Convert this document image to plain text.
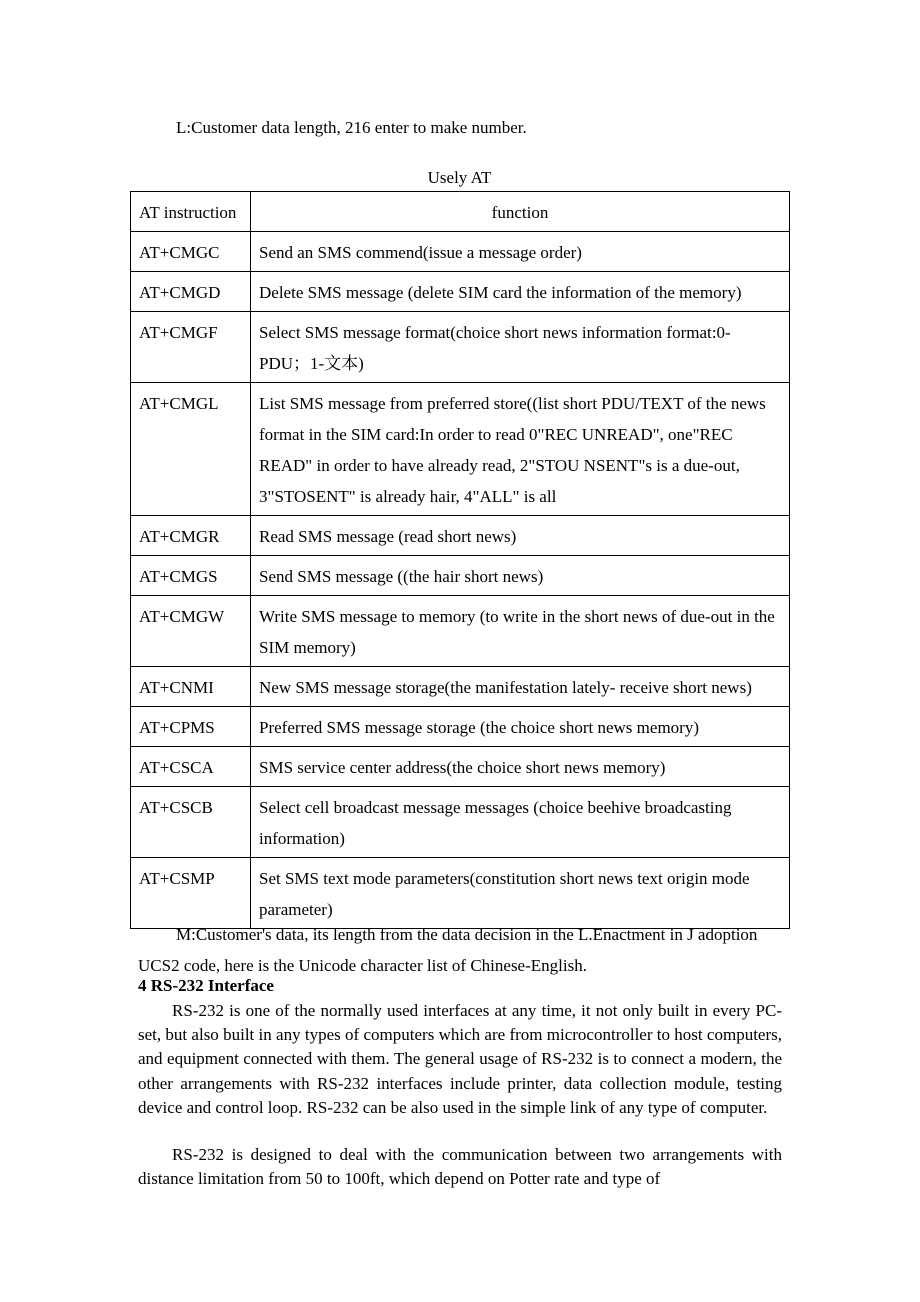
L:Customer data length, 216 enter to make number.
Usely AT
AT instruction	function
AT+CMGC	Send an SMS commend(issue a message order)
AT+CMGD	Delete SMS message (delete SIM card the information of the memory)
AT+CMGF	Select SMS message format(choice short news information format:0-PDU；1-文本)
AT+CMGL	List SMS message from preferred store((list short PDU/TEXT of the news format in the SIM card:In order to read 0"REC UNREAD", one"REC READ" in order to have already read, 2"STOU NSENT"s is a due-out, 3"STOSENT" is already hair, 4"ALL" is all
AT+CMGR	Read SMS message (read short news)
AT+CMGS	Send SMS message ((the hair short news)
AT+CMGW	Write SMS message to memory (to write in the short news of due-out in the SIM memory)
AT+CNMI	New SMS message storage(the manifestation lately- receive short news)
AT+CPMS	Preferred SMS message storage (the choice short news memory)
AT+CSCA	SMS service center address(the choice short news memory)
AT+CSCB	Select cell broadcast message messages (choice beehive broadcasting information)
AT+CSMP	Set SMS text mode parameters(constitution short news text origin mode parameter)
M:Customer's data, its length from the data decision in the L.Enactment in J adoption UCS2 code, here is the Unicode character list of Chinese-English.
4 RS-232 Interface
RS-232 is one of the normally used interfaces at any time, it not only built in every PC-set, but also built in any types of computers which are from microcontroller to host computers, and equipment connected with them. The general usage of RS-232 is to connect a modern, the other arrangements with RS-232 interfaces include printer, data collection module, testing device and control loop. RS-232 can be also used in the simple link of any type of computer.
RS-232 is designed to deal with the communication between two arrangements with distance limitation from 50 to 100ft, which depend on Potter rate and type of
